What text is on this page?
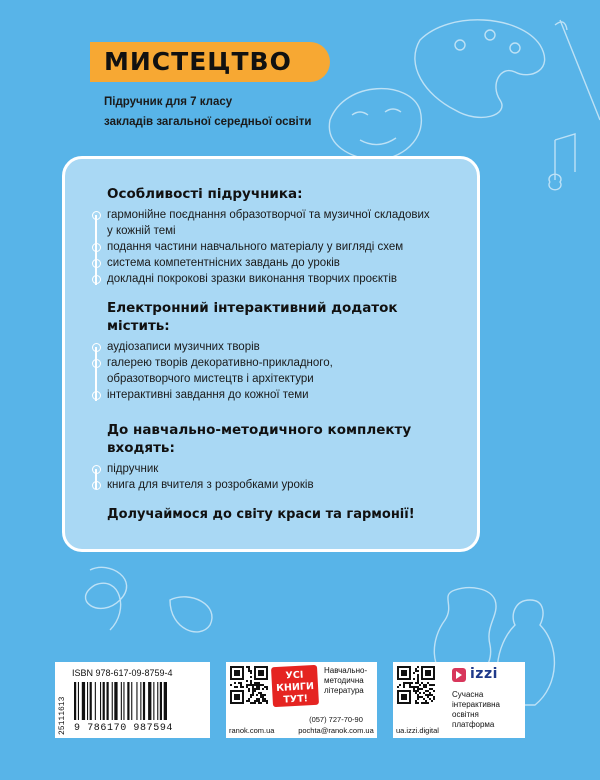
МИСТЕЦТВО
Підручник для 7 класу
закладів загальної середньої освіти
Особливості підручника:
гармонійне поєднання образотворчої та музичної складових
у кожній темі
подання частини навчального матеріалу у вигляді схем
система компетентнісних завдань до уроків
докладні покрокові зразки виконання творчих проєктів
Електронний інтерактивний додаток
містить:
аудіозаписи музичних творів
галерею творів декоративно-прикладного,
образотворчого мистецтв і архітектури
інтерактивні завдання до кожної теми
До навчально-методичного комплекту
входять:
підручник
книга для вчителя з розробками уроків
Долучаймося до світу краси та гармонії!
ISBN 978-617-09-8759-4
25111613 9 786170 987594	ranok.com.ua
УСІ
КНИГИ
ТУТ!
Навчально-методична література
(057) 727-70-90
pochta@ranok.com.ua
izzi
Сучасна інтерактивна освітня платформа
ua.izzi.digital
